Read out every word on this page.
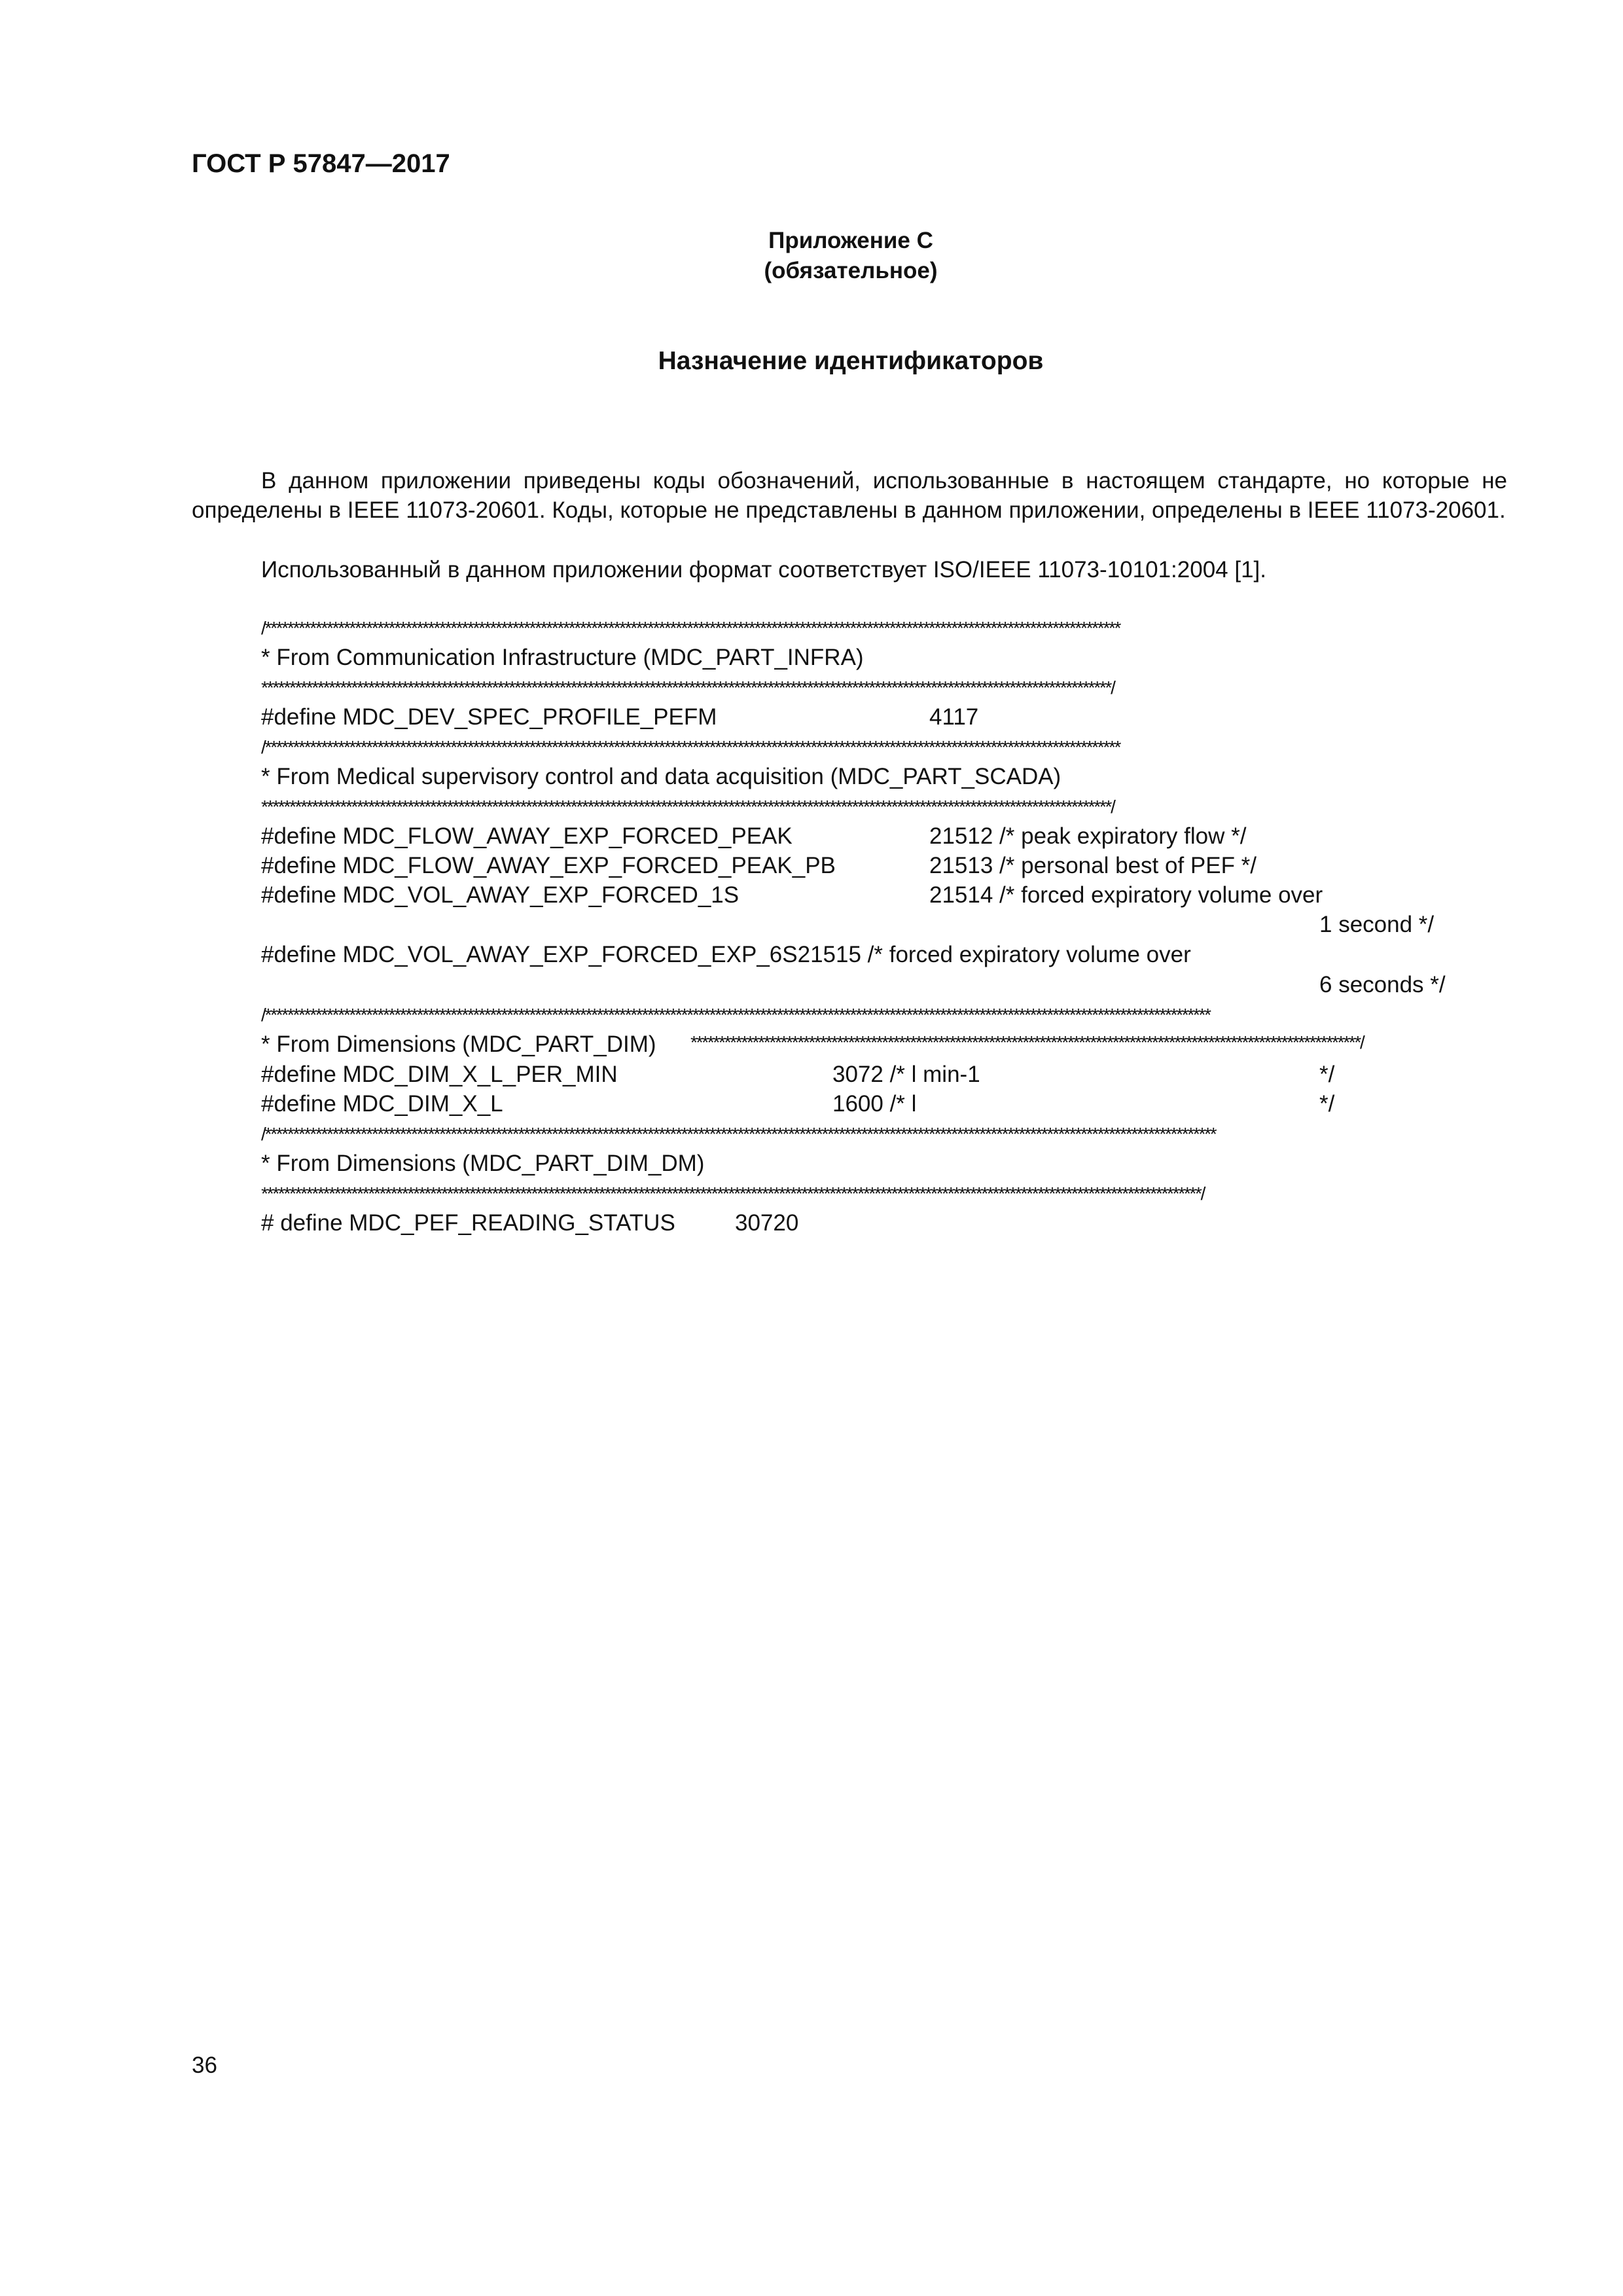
ГОСТ Р 57847—2017
Приложение С
(обязательное)
Назначение идентификаторов
В данном приложении приведены коды обозначений, использованные в настоящем стандарте, но которые не определены в IEEE 11073-20601. Коды, которые не представлены в данном приложении, определены в IEEE 11073-20601.
Использованный в данном приложении формат соответствует ISO/IEEE 11073-10101:2004 [1].
/********************************************************************************************************************************************************
* From Communication Infrastructure (MDC_PART_INFRA)
*******************************************************************************************************************************************************/
#define MDC_DEV_SPEC_PROFILE_PEFM	4117
/********************************************************************************************************************************************************
* From Medical supervisory control and data acquisition (MDC_PART_SCADA)
*******************************************************************************************************************************************************/
#define MDC_FLOW_AWAY_EXP_FORCED_PEAK	21512 /* peak expiratory flow */
#define MDC_FLOW_AWAY_EXP_FORCED_PEAK_PB	21513 /* personal best of PEF */
#define MDC_VOL_AWAY_EXP_FORCED_1S	21514 /* forced expiratory volume over
1 second */
#define MDC_VOL_AWAY_EXP_FORCED_EXP_6S21515 /* forced expiratory volume over
6 seconds */
/************************************************************************************************************************************************************************
* From Dimensions (MDC_PART_DIM) ***********************************************************************************************************************/
#define MDC_DIM_X_L_PER_MIN	3072 /* l min-1	*/
#define MDC_DIM_X_L	1600 /* l	*/
/*************************************************************************************************************************************************************************
* From Dimensions (MDC_PART_DIM_DM)
***********************************************************************************************************************************************************************/
# define MDC_PEF_READING_STATUS	30720
36
